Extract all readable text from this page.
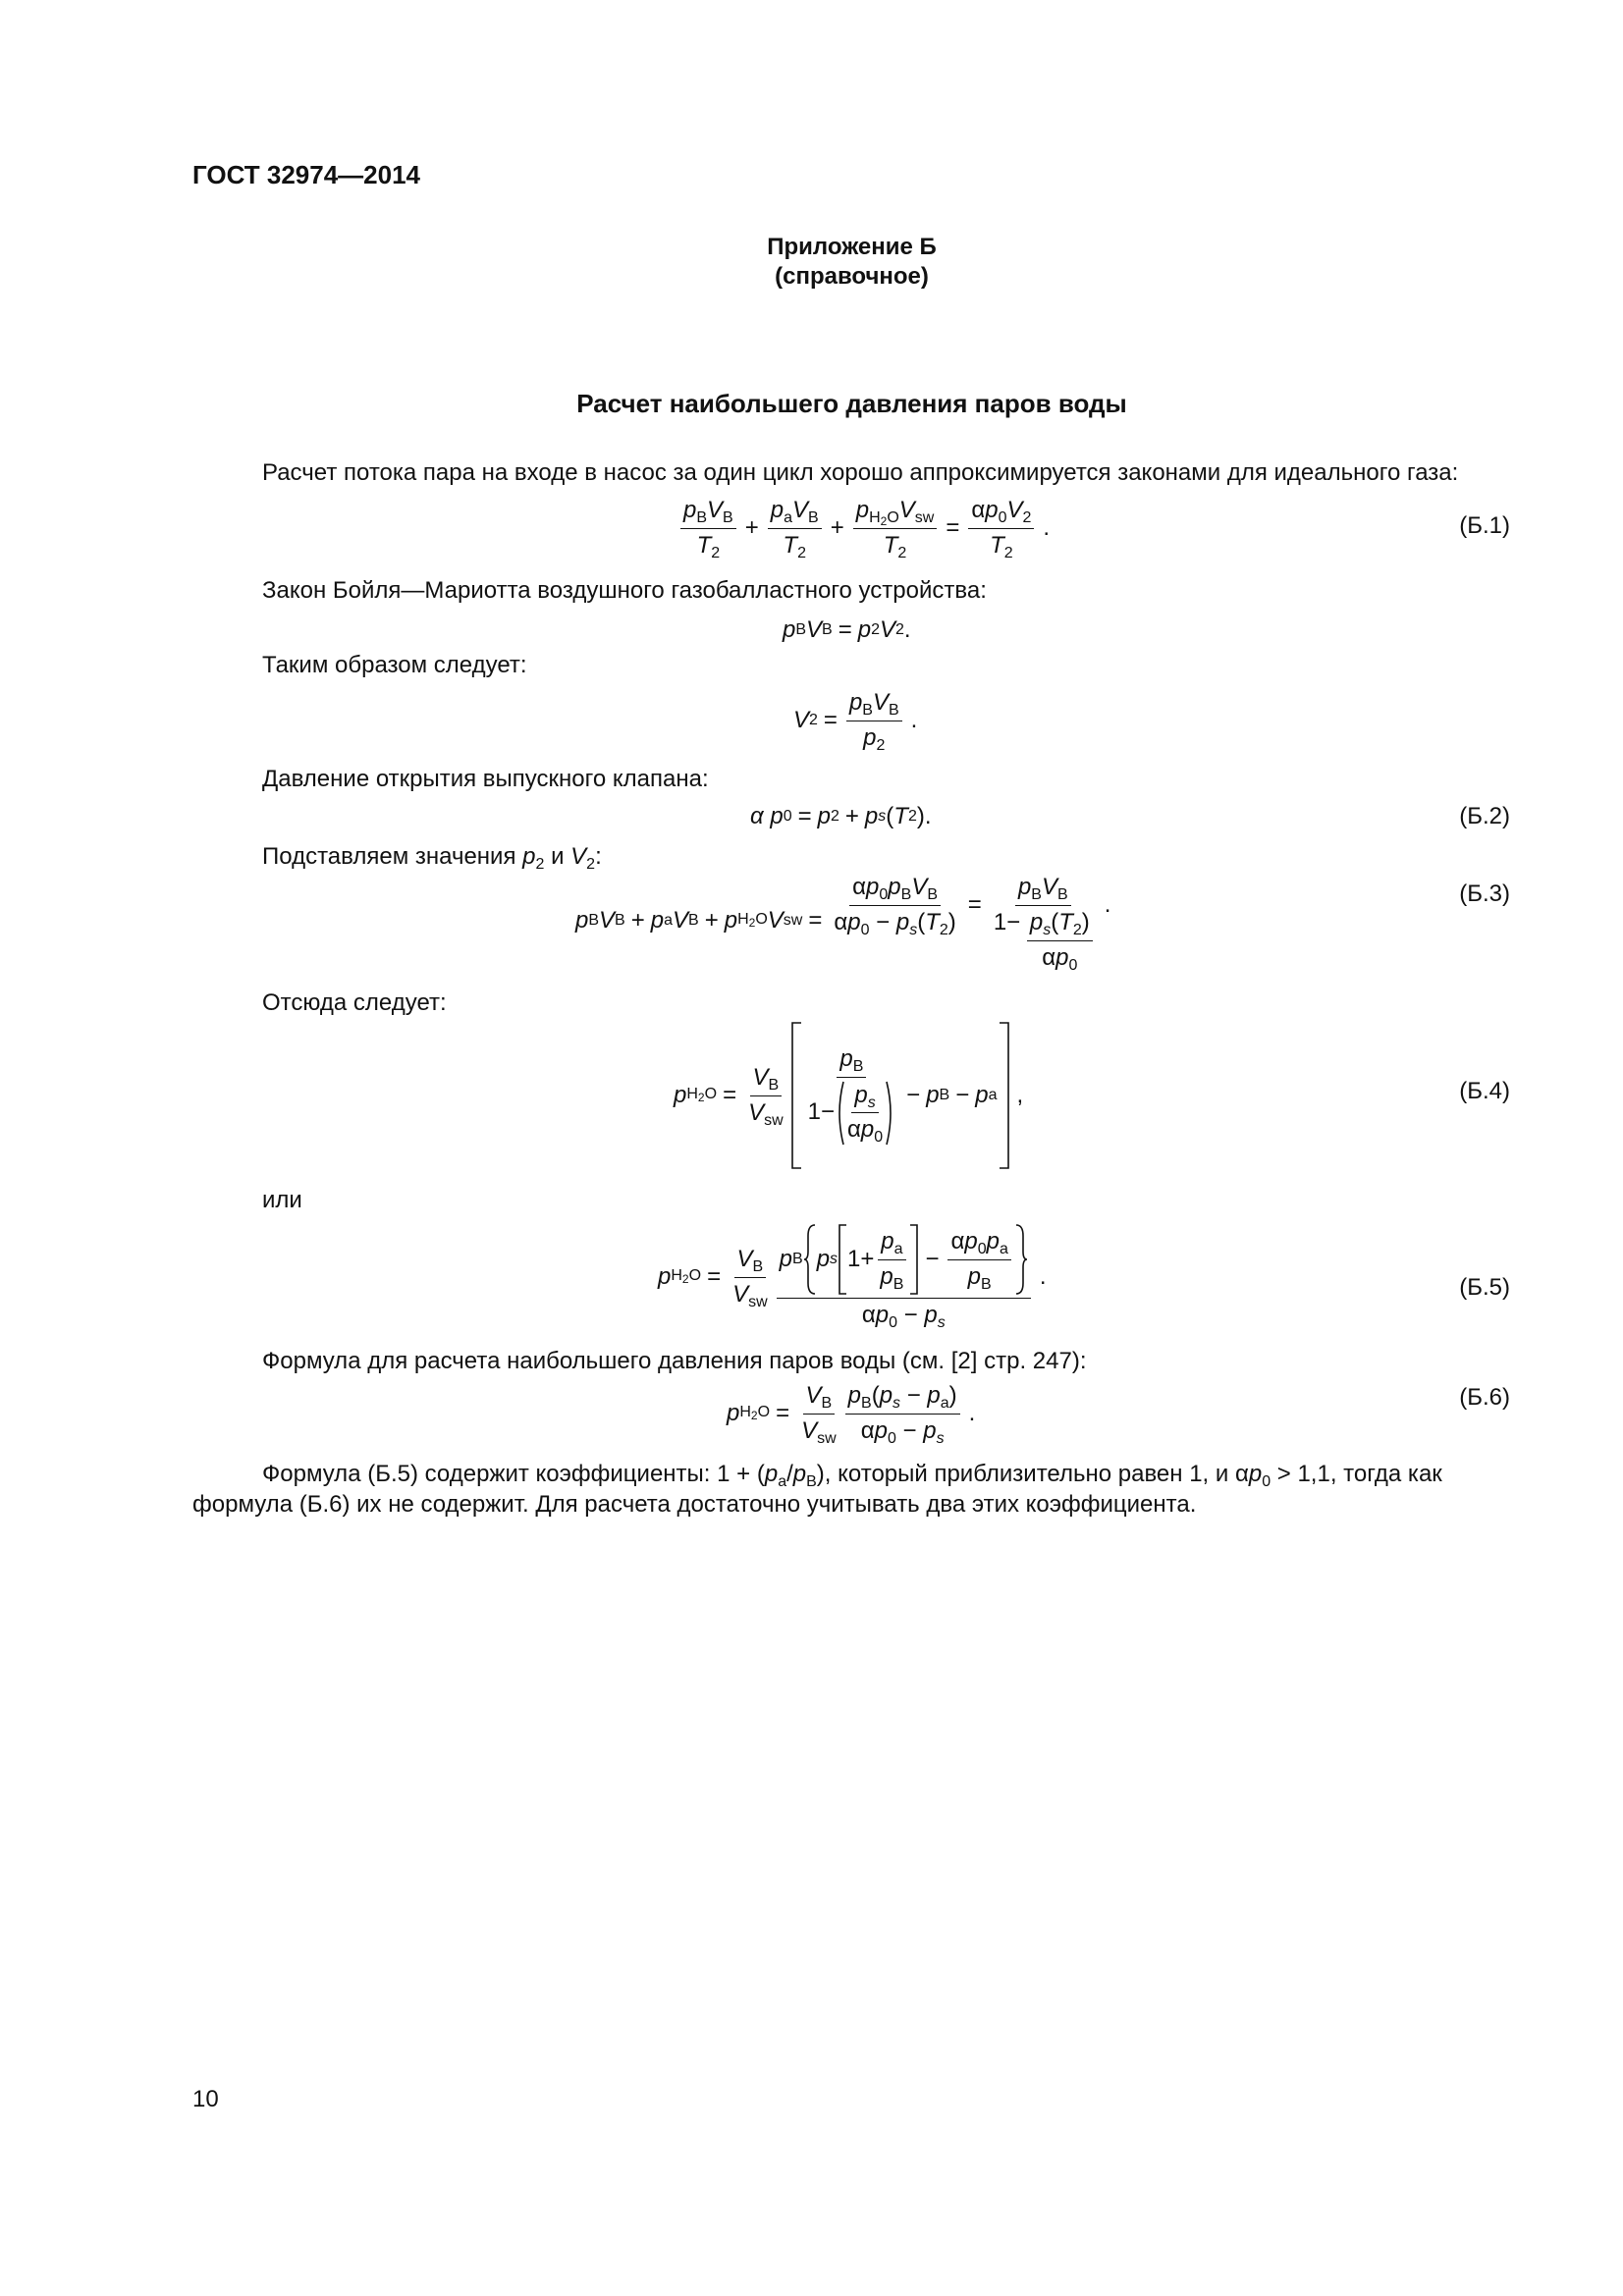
ГОСТ 32974—2014
Приложение Б
(справочное)
Расчет наибольшего давления паров воды
Расчет потока пара на входе в насос за один цикл хорошо аппроксимируется законами для идеального газа:
$p_BV_B$
$T_2$
+
$p_aV_B$
$T_2$
+
$p_{H2O}V_{sw}$
$T_2$
= $\frac{\alpha p_0V_2}{T_2}$ .	(Б.1)
Закон Бойля—Мариотта воздушного газобалластного устройства:
p B V B = p 2 V 2 .
Таким образом следует:
V 2 =
$p_BV_B$
$p_2$
.
Давление открытия выпускного клапана:
α
p 0 = p 2 + p s ( T 2 ).	(Б.2)
Подставляем значения $p_2$ и $V_2$:
p B V B + p a V B + p H2O V sw =
$\alpha p_0p_BV_B$
$\alpha p_0 - p_s(T_2)$
=
$p_BV_B$
$1- p_s(T_2)$
$\alpha p_0$
.	(Б.3)
Отсюда следует:
p H2O =
$V_B$
$V_{sw}$
$p_B$
1−
$p_s$
$\alpha p_0$
− p B − p a ,	(Б.4)
или
p H2O =
$V_B$
$V_{sw}$
p B p s 1+
$p_a$
$p_B$
− $\frac{\alpha p_0p_a}{p_B}$
$\alpha p_0 - p_s$
.	(Б.5)
Формула для расчета наибольшего давления паров воды (см. [2] стр. 247):
p H2O =
$V_B$
$V_{sw}$
$p_B(p_s - p_a)$
$\alpha p_0 - p_s$
.
(Б.6)
Формула (Б.5) содержит коэффициенты: $1 + (p_a/p_B)$, который приблизительно равен 1, и $\alpha p_0 > 1,1$, тогда как
формула (Б.6) их не содержит. Для расчета достаточно учитывать два этих коэффициента.
10
